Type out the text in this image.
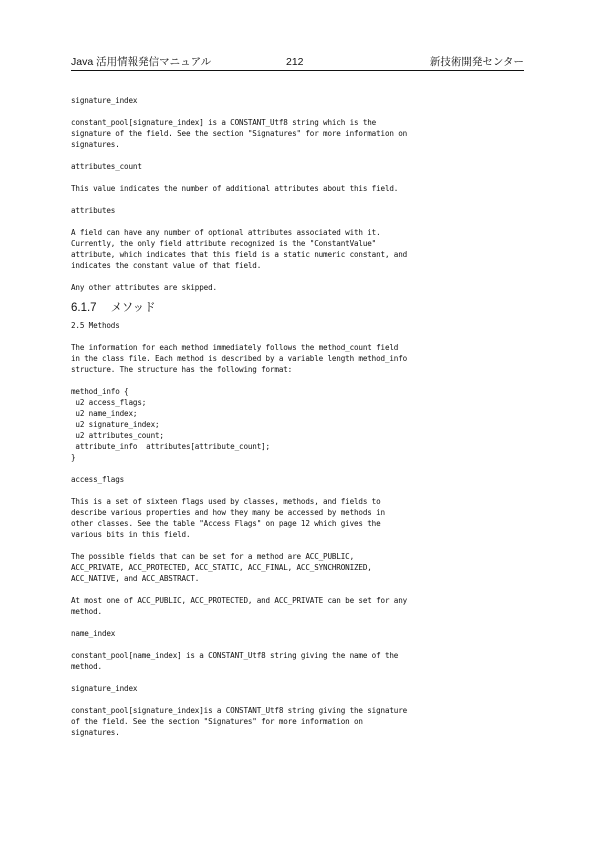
Java 活用情報発信マニュアル	212	新技術開発センター

signature_index

constant_pool[signature_index] is a CONSTANT_Utf8 string which is the
signature of the field. See the section "Signatures" for more information on
signatures.

attributes_count

This value indicates the number of additional attributes about this field.

attributes

A field can have any number of optional attributes associated with it.
Currently, the only field attribute recognized is the "ConstantValue"
attribute, which indicates that this field is a static numeric constant, and
indicates the constant value of that field.

Any other attributes are skipped.

6.1.7 メソッド

2.5 Methods

The information for each method immediately follows the method_count field
in the class file. Each method is described by a variable length method_info
structure. The structure has the following format:

method_info {
u2 access_flags;
u2 name_index;
u2 signature_index;
u2 attributes_count;
attribute_info  attributes[attribute_count];
}

access_flags

This is a set of sixteen flags used by classes, methods, and fields to
describe various properties and how they many be accessed by methods in
other classes. See the table "Access Flags" on page 12 which gives the
various bits in this field.

The possible fields that can be set for a method are ACC_PUBLIC,
ACC_PRIVATE, ACC_PROTECTED, ACC_STATIC, ACC_FINAL, ACC_SYNCHRONIZED,
ACC_NATIVE, and ACC_ABSTRACT.

At most one of ACC_PUBLIC, ACC_PROTECTED, and ACC_PRIVATE can be set for any
method.

name_index

constant_pool[name_index] is a CONSTANT_Utf8 string giving the name of the
method.

signature_index

constant_pool[signature_index]is a CONSTANT_Utf8 string giving the signature
of the field. See the section "Signatures" for more information on
signatures.
